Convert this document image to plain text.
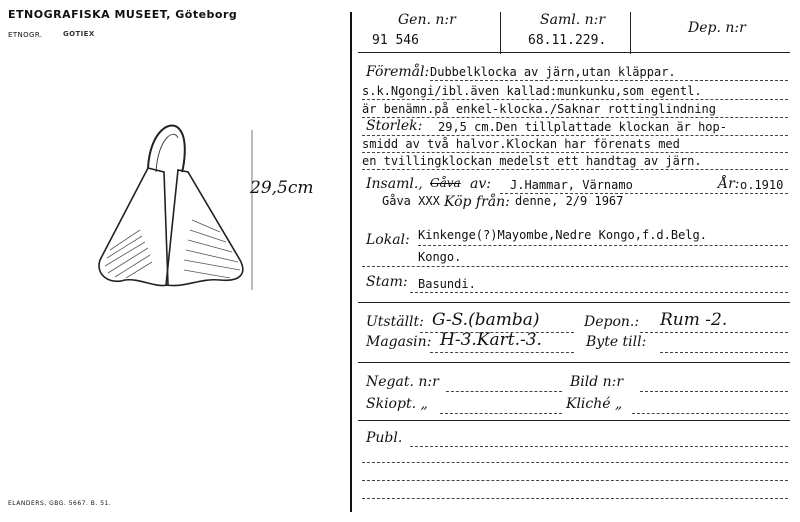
ETNOGRAFISKA MUSEET, Göteborg
ETNOGR.	GOTIEX
29,5cm
ELANDERS, GBG. 5667. B. 51.
Gen. n:r
91 546
Saml. n:r
68.11.229.
Dep. n:r
Föremål: Dubbelklocka av järn,utan kläppar.
s.k.Ngongi/ibl.även kallad:munkunku,som egentl.
är benämn.på enkel-klocka./Saknar rottinglindning
Storlek: 29,5 cm.Den tillplattade klockan är hop-
smidd av två halvor.Klockan har förenats med
en tvillingklockan medelst ett handtag av järn.
Insaml., Gåva av: J.Hammar, Värnamo	År: o.1910
Gåva XXX Köp från: denne, 2/9 1967
Lokal: Kinkenge(?)Mayombe,Nedre Kongo,f.d.Belg.
Kongo.
Stam: Basundi.
Utställt: G-S.(bamba)	Depon.: Rum -2.
Magasin: H-3.Kart.-3.	Byte till:
Negat. n:r	Bild n:r
Skiopt. „	Kliché „
Publ.
